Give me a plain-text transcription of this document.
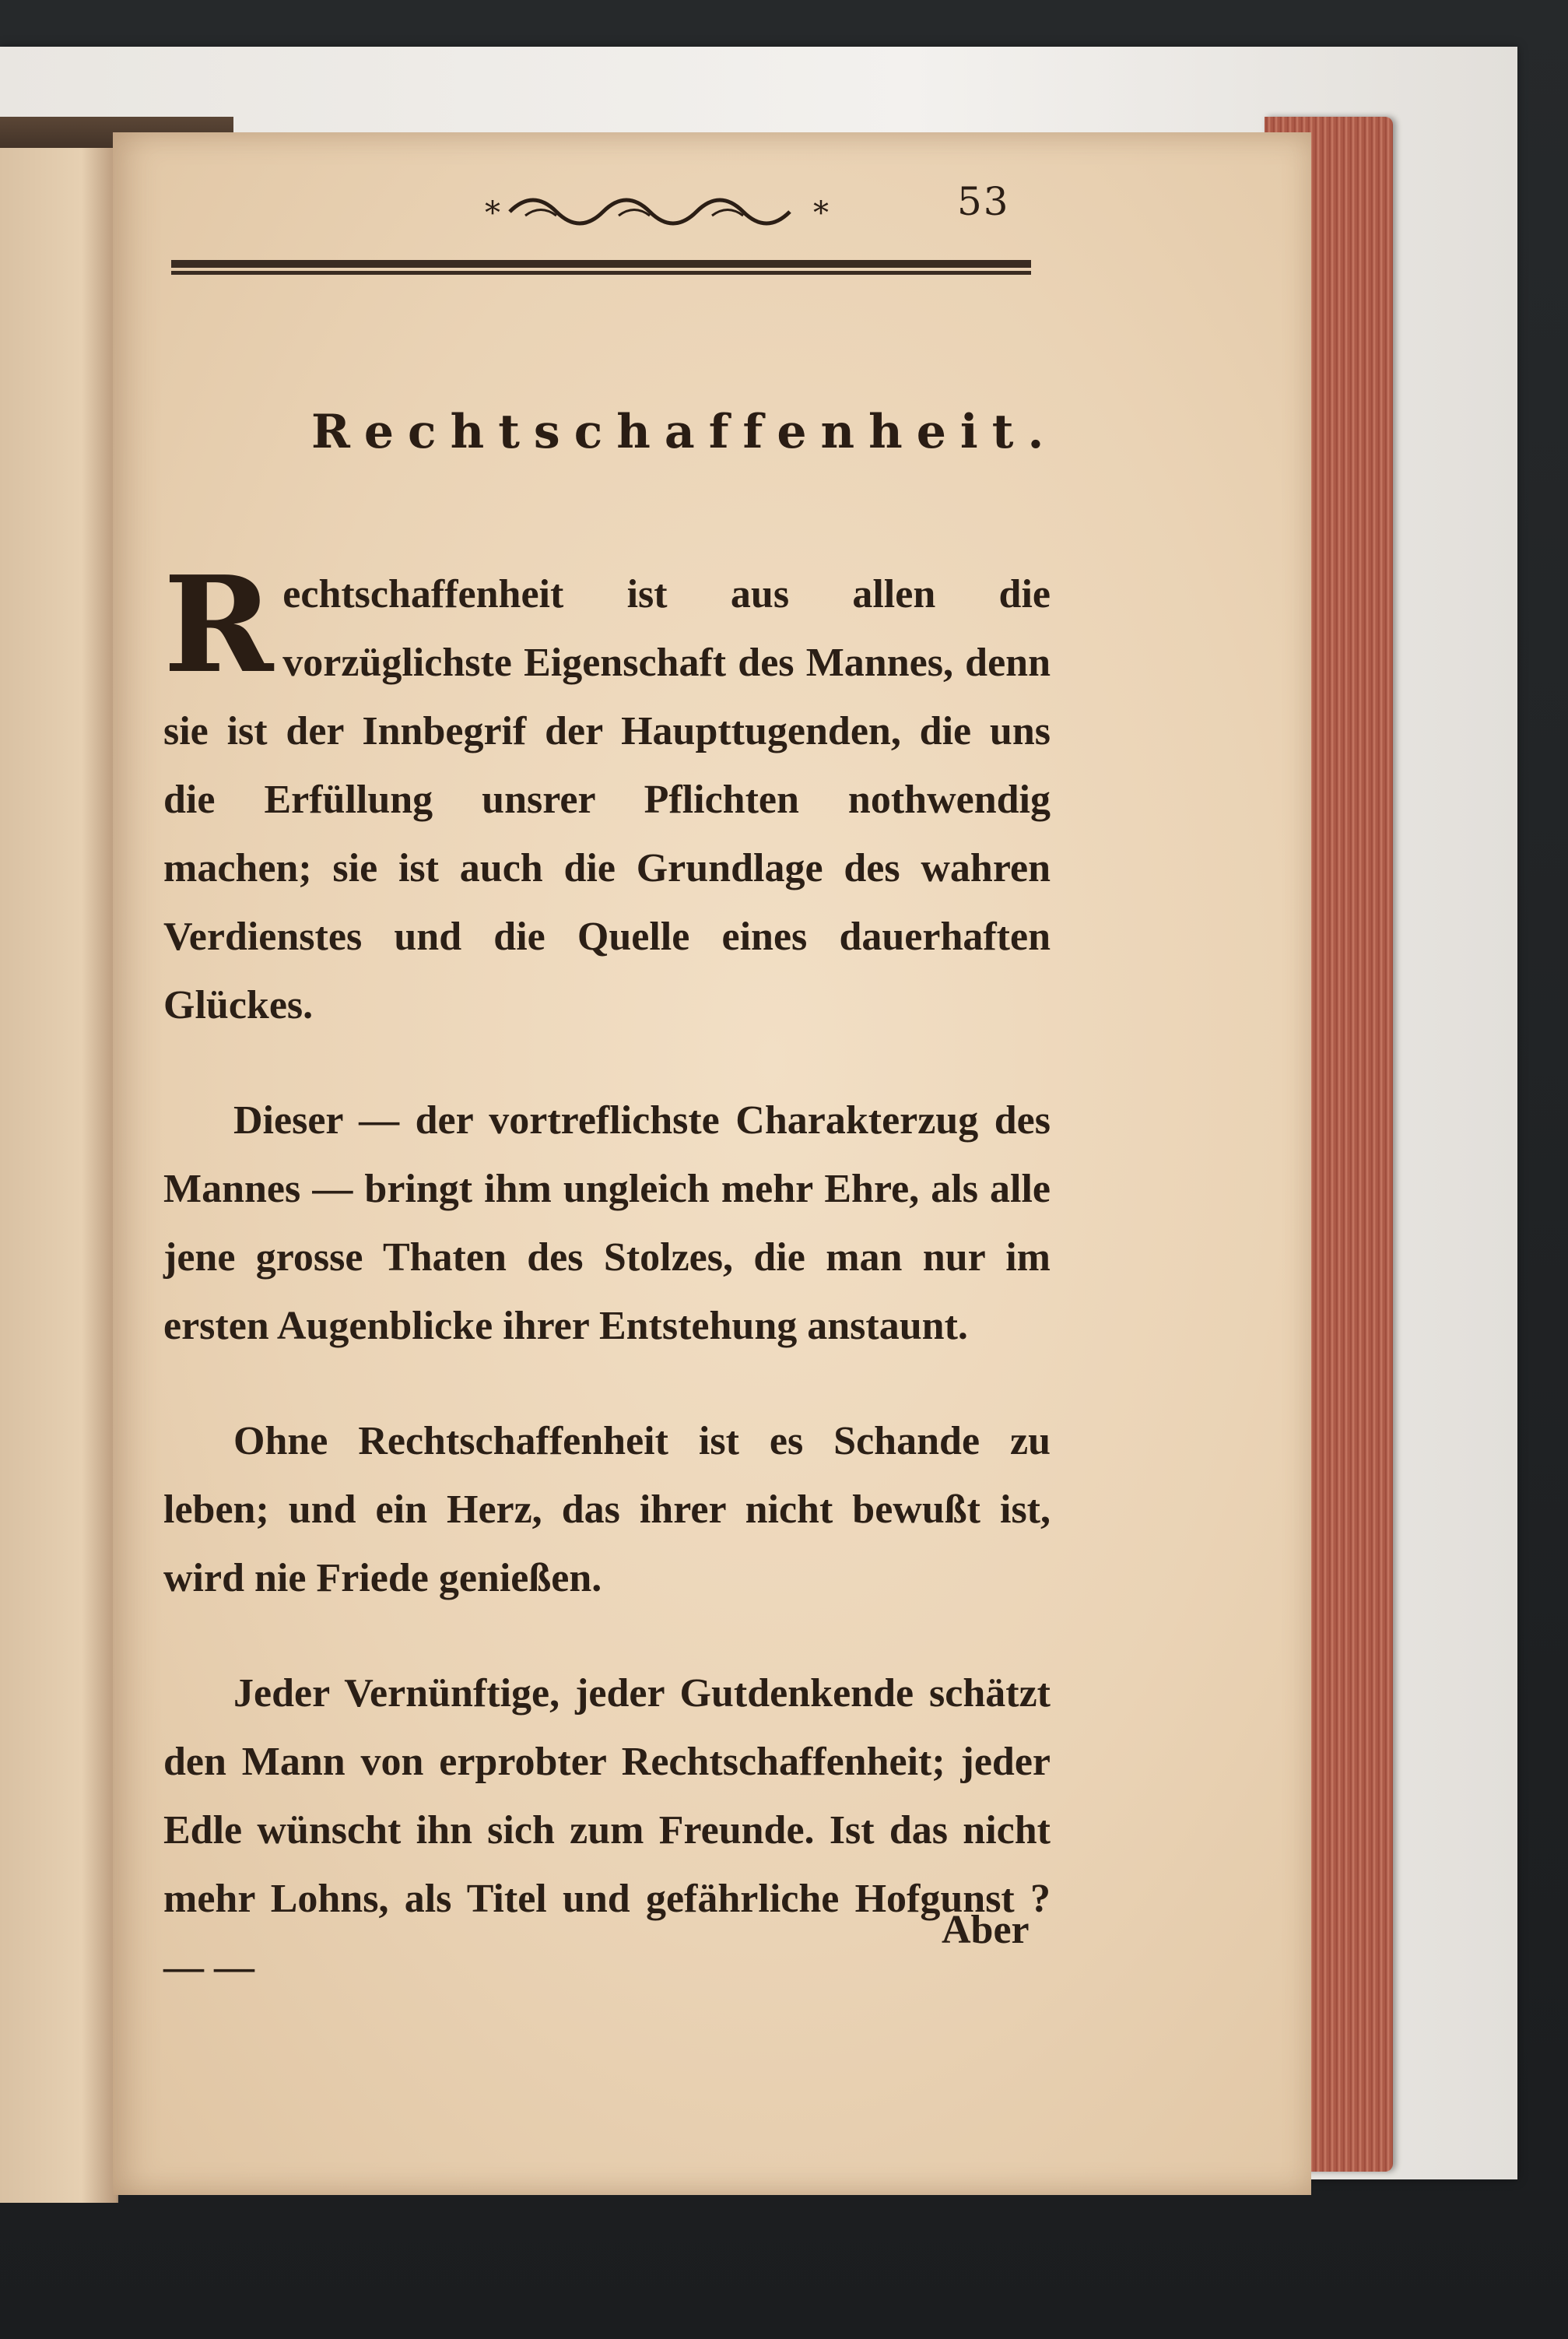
*	*	53
Rechtschaffenheit.

R echtschaffenheit ist aus allen die vorzüglichste Eigenschaft des Mannes, denn sie ist der Innbegrif der Haupttugenden, die uns die Erfüllung unsrer Pflichten nothwendig machen; sie ist auch die Grundlage des wahren Verdienstes und die Quelle eines dauerhaften Glückes.

Dieser — der vortreflichste Charakterzug des Mannes — bringt ihm ungleich mehr Ehre, als alle jene grosse Thaten des Stolzes, die man nur im ersten Augenblicke ihrer Entstehung anstaunt.

Ohne Rechtschaffenheit ist es Schande zu leben; und ein Herz, das ihrer nicht bewußt ist, wird nie Friede genießen.

Jeder Vernünftige, jeder Gutdenkende schätzt den Mann von erprobter Rechtschaffenheit; jeder Edle wünscht ihn sich zum Freunde. Ist das nicht mehr Lohns, als Titel und gefährliche Hofgunst ? — —

Aber
